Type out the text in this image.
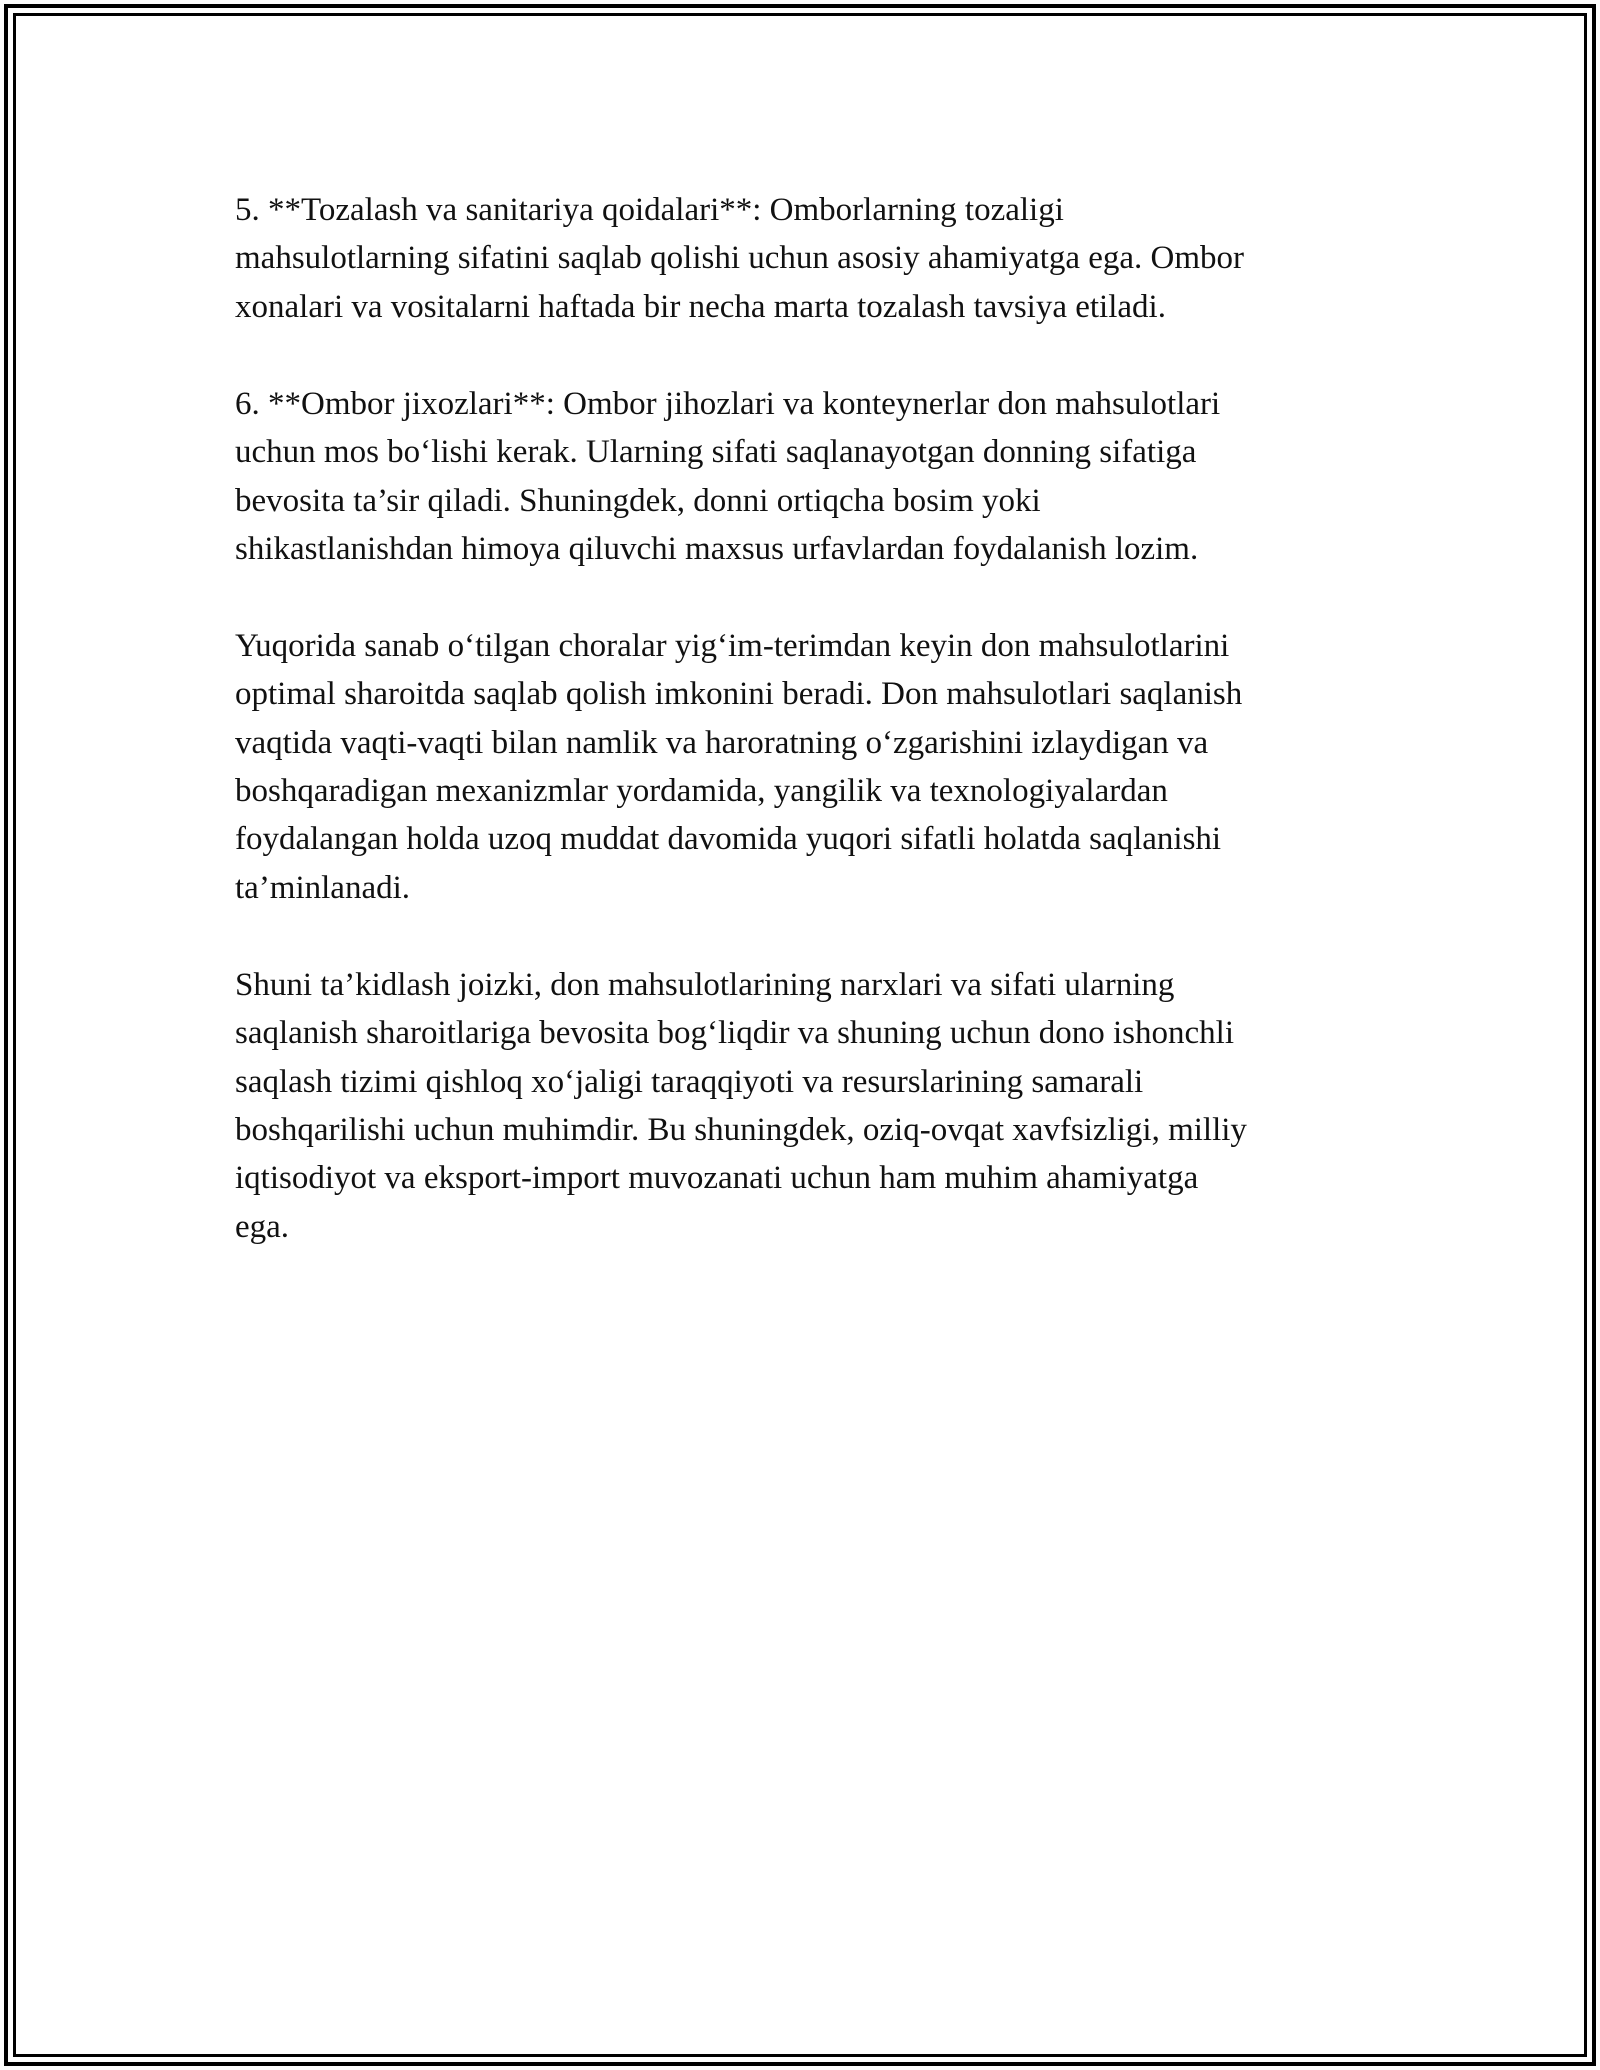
5. **Tozalash va sanitariya qoidalari**: Omborlarning tozaligi
mahsulotlarning sifatini saqlab qolishi uchun asosiy ahamiyatga ega. Ombor
xonalari va vositalarni haftada bir necha marta tozalash tavsiya etiladi.

6. **Ombor jixozlari**: Ombor jihozlari va konteynerlar don mahsulotlari
uchun mos bo‘lishi kerak. Ularning sifati saqlanayotgan donning sifatiga
bevosita ta’sir qiladi. Shuningdek, donni ortiqcha bosim yoki
shikastlanishdan himoya qiluvchi maxsus urfavlardan foydalanish lozim.

Yuqorida sanab o‘tilgan choralar yig‘im-terimdan keyin don mahsulotlarini
optimal sharoitda saqlab qolish imkonini beradi. Don mahsulotlari saqlanish
vaqtida vaqti-vaqti bilan namlik va haroratning o‘zgarishini izlaydigan va
boshqaradigan mexanizmlar yordamida, yangilik va texnologiyalardan
foydalangan holda uzoq muddat davomida yuqori sifatli holatda saqlanishi
ta’minlanadi.

Shuni ta’kidlash joizki, don mahsulotlarining narxlari va sifati ularning
saqlanish sharoitlariga bevosita bog‘liqdir va shuning uchun dono ishonchli
saqlash tizimi qishloq xo‘jaligi taraqqiyoti va resurslarining samarali
boshqarilishi uchun muhimdir. Bu shuningdek, oziq-ovqat xavfsizligi, milliy
iqtisodiyot va eksport-import muvozanati uchun ham muhim ahamiyatga
ega.
